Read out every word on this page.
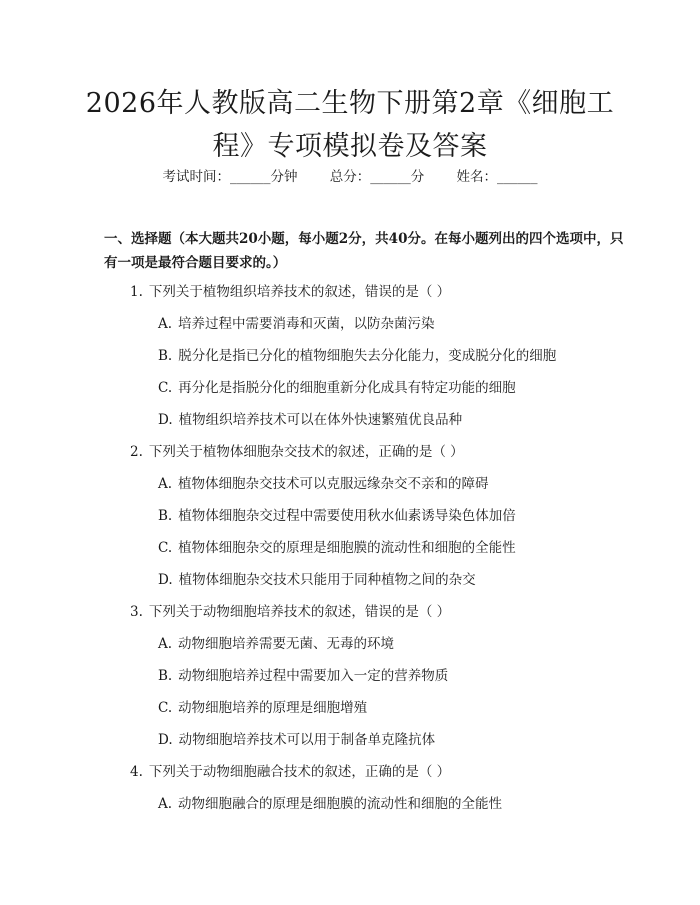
2026年人教版高二生物下册第2章《细胞工
程》专项模拟卷及答案
考试时间：______分钟 总分：______分 姓名：______

一、选择题（本大题共20小题，每小题2分，共40分。在每小题列出的四个选项中，只有一项是最符合题目要求的。）

1. 下列关于植物组织培养技术的叙述，错误的是（ ）
A. 培养过程中需要消毒和灭菌，以防杂菌污染
B. 脱分化是指已分化的植物细胞失去分化能力，变成脱分化的细胞
C. 再分化是指脱分化的细胞重新分化成具有特定功能的细胞
D. 植物组织培养技术可以在体外快速繁殖优良品种
2. 下列关于植物体细胞杂交技术的叙述，正确的是（ ）
A. 植物体细胞杂交技术可以克服远缘杂交不亲和的障碍
B. 植物体细胞杂交过程中需要使用秋水仙素诱导染色体加倍
C. 植物体细胞杂交的原理是细胞膜的流动性和细胞的全能性
D. 植物体细胞杂交技术只能用于同种植物之间的杂交
3. 下列关于动物细胞培养技术的叙述，错误的是（ ）
A. 动物细胞培养需要无菌、无毒的环境
B. 动物细胞培养过程中需要加入一定的营养物质
C. 动物细胞培养的原理是细胞增殖
D. 动物细胞培养技术可以用于制备单克隆抗体
4. 下列关于动物细胞融合技术的叙述，正确的是（ ）
A. 动物细胞融合的原理是细胞膜的流动性和细胞的全能性
